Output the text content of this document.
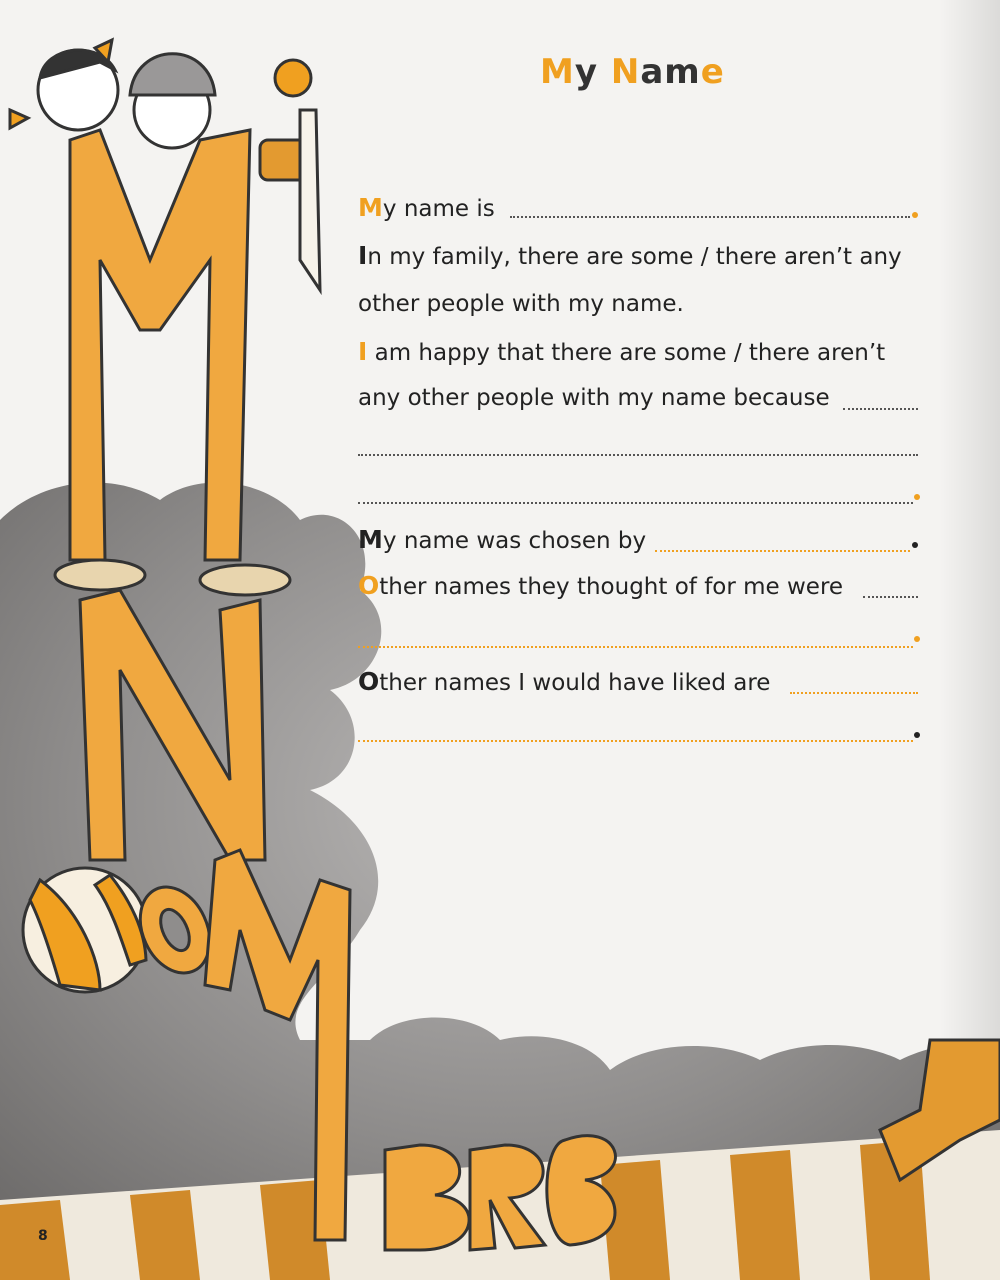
My Name
My name is
In my family, there are some / there aren’t any
other people with my name.
I am happy that there are some / there aren’t
any other people with my name because
My name was chosen by
Other names they thought of for me were
Other names I would have liked are
8
